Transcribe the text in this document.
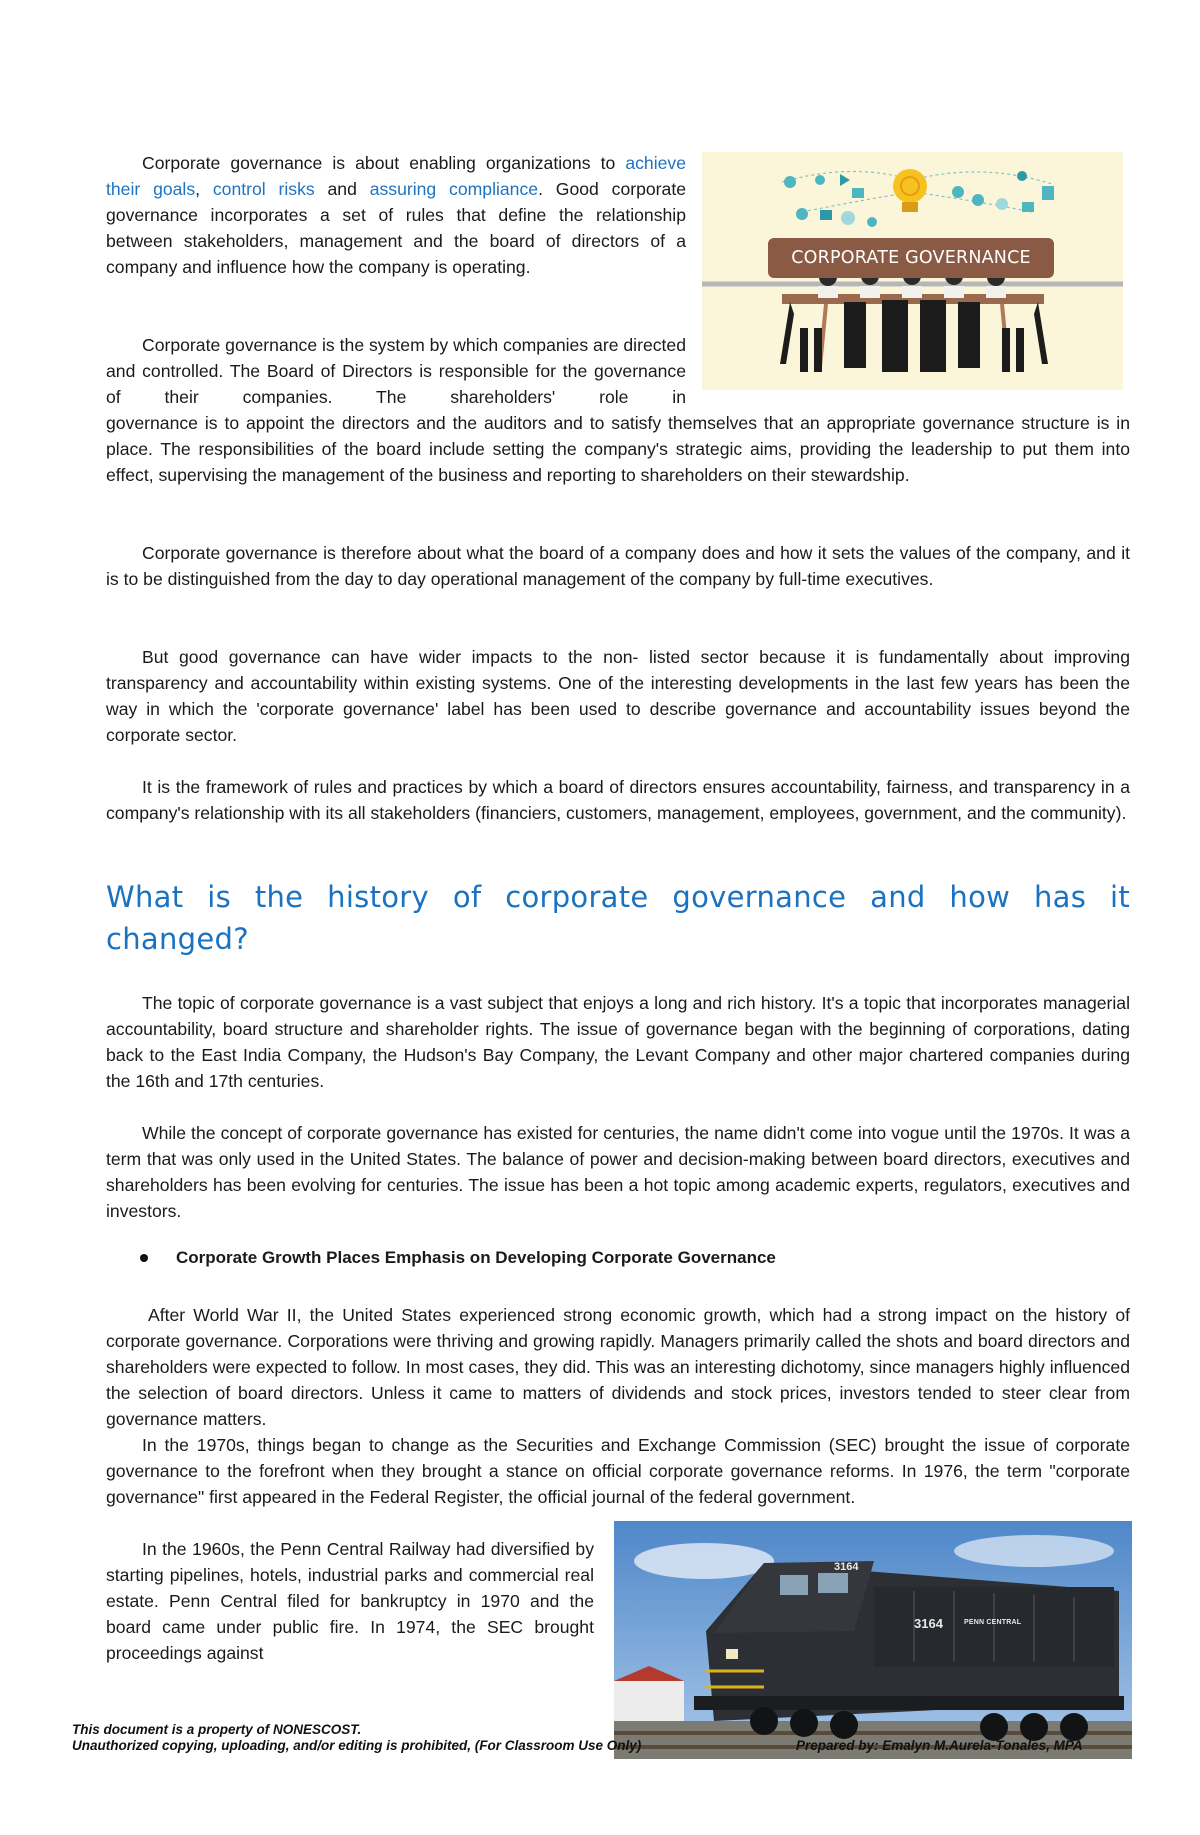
Corporate governance is about enabling organizations to achieve their goals, control risks and assuring compliance. Good corporate governance incorporates a set of rules that define the relationship between stakeholders, management and the board of directors of a company and influence how the company is operating.	CORPORATE GOVERNANCE

Corporate governance is the system by which companies are directed and controlled. The Board of Directors is responsible for the governance of their companies. The shareholders' role in

governance is to appoint the directors and the auditors and to satisfy themselves that an appropriate governance structure is in place. The responsibilities of the board include setting the company's strategic aims, providing the leadership to put them into effect, supervising the management of the business and reporting to shareholders on their stewardship.

Corporate governance is therefore about what the board of a company does and how it sets the values of the company, and it is to be distinguished from the day to day operational management of the company by full-time executives.

But good governance can have wider impacts to the non- listed sector because it is fundamentally about improving transparency and accountability within existing systems. One of the interesting developments in the last few years has been the way in which the 'corporate governance' label has been used to describe governance and accountability issues beyond the corporate sector.

It is the framework of rules and practices by which a board of directors ensures accountability, fairness, and transparency in a company's relationship with its all stakeholders (financiers, customers, management, employees, government, and the community).

What is the history of corporate governance and how has it changed?

The topic of corporate governance is a vast subject that enjoys a long and rich history. It's a topic that incorporates managerial accountability, board structure and shareholder rights. The issue of governance began with the beginning of corporations, dating back to the East India Company, the Hudson's Bay Company, the Levant Company and other major chartered companies during the 16th and 17th centuries.

While the concept of corporate governance has existed for centuries, the name didn't come into vogue until the 1970s. It was a term that was only used in the United States. The balance of power and decision-making between board directors, executives and shareholders has been evolving for centuries. The issue has been a hot topic among academic experts, regulators, executives and investors.

Corporate Growth Places Emphasis on Developing Corporate Governance

After World War II, the United States experienced strong economic growth, which had a strong impact on the history of corporate governance. Corporations were thriving and growing rapidly. Managers primarily called the shots and board directors and shareholders were expected to follow. In most cases, they did. This was an interesting dichotomy, since managers highly influenced the selection of board directors. Unless it came to matters of dividends and stock prices, investors tended to steer clear from governance matters.

In the 1970s, things began to change as the Securities and Exchange Commission (SEC) brought the issue of corporate governance to the forefront when they brought a stance on official corporate governance reforms. In 1976, the term "corporate governance" first appeared in the Federal Register, the official journal of the federal government.

In the 1960s, the Penn Central Railway had diversified by starting pipelines, hotels, industrial parks and commercial real estate. Penn Central filed for bankruptcy in 1970 and the board came under public fire. In 1974, the SEC brought proceedings against

3164
3164	PENN CENTRAL
This document is a property of NONESCOST.
Unauthorized copying, uploading, and/or editing is prohibited, (For Classroom Use Only)	Prepared by: Emalyn M.Aurela-Tonales, MPA
